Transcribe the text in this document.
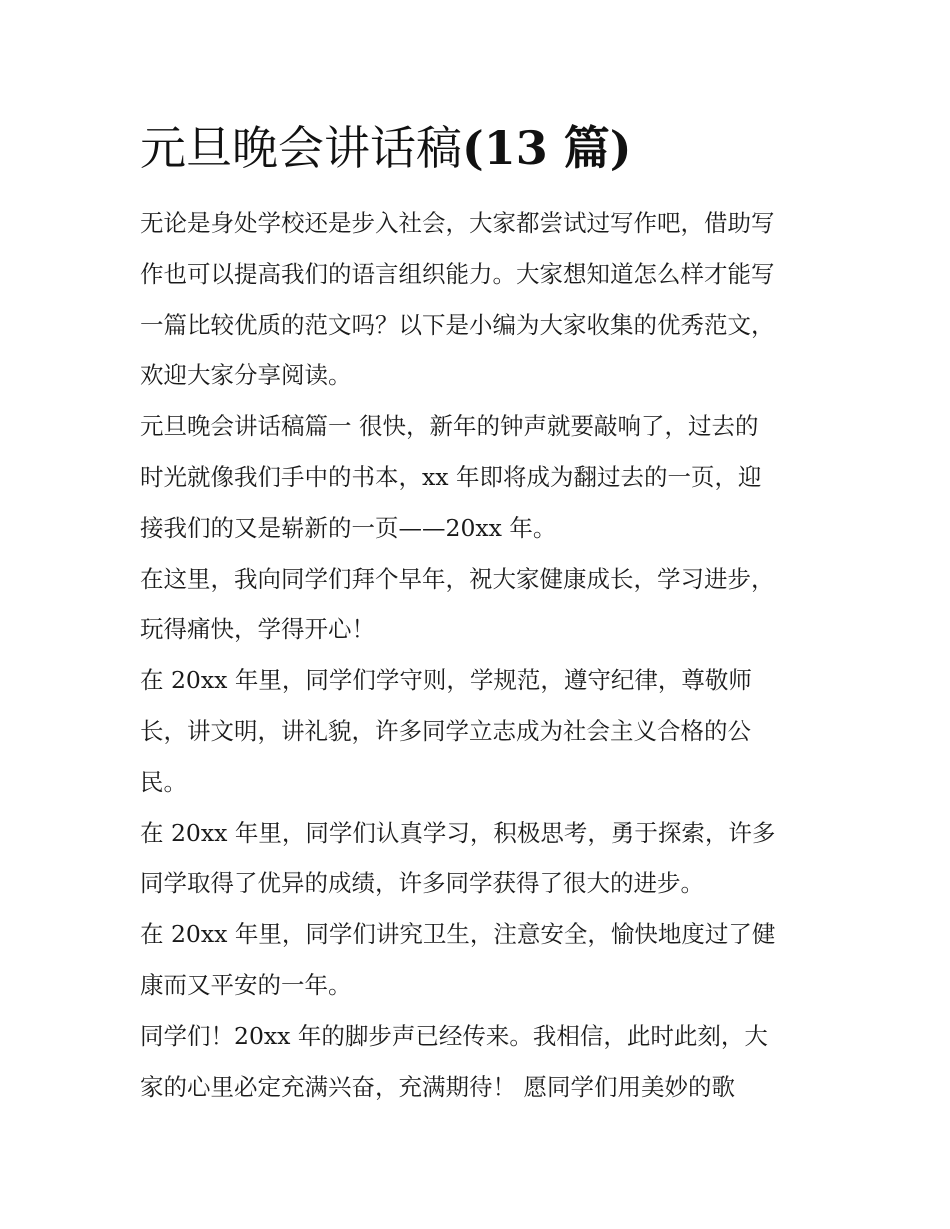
元旦晚会讲话稿(13 篇)
无论是身处学校还是步入社会，大家都尝试过写作吧，借助写
作也可以提高我们的语言组织能力。大家想知道怎么样才能写
一篇比较优质的范文吗？以下是小编为大家收集的优秀范文，
欢迎大家分享阅读。
元旦晚会讲话稿篇一 很快，新年的钟声就要敲响了，过去的
时光就像我们手中的书本，xx 年即将成为翻过去的一页，迎
接我们的又是崭新的一页——20xx 年。
在这里，我向同学们拜个早年，祝大家健康成长，学习进步，
玩得痛快，学得开心！
在 20xx 年里，同学们学守则，学规范，遵守纪律，尊敬师
长，讲文明，讲礼貌，许多同学立志成为社会主义合格的公
民。
在 20xx 年里，同学们认真学习，积极思考，勇于探索，许多
同学取得了优异的成绩，许多同学获得了很大的进步。
在 20xx 年里，同学们讲究卫生，注意安全，愉快地度过了健
康而又平安的一年。
同学们！20xx 年的脚步声已经传来。我相信，此时此刻，大
家的心里必定充满兴奋，充满期待！ 愿同学们用美妙的歌
